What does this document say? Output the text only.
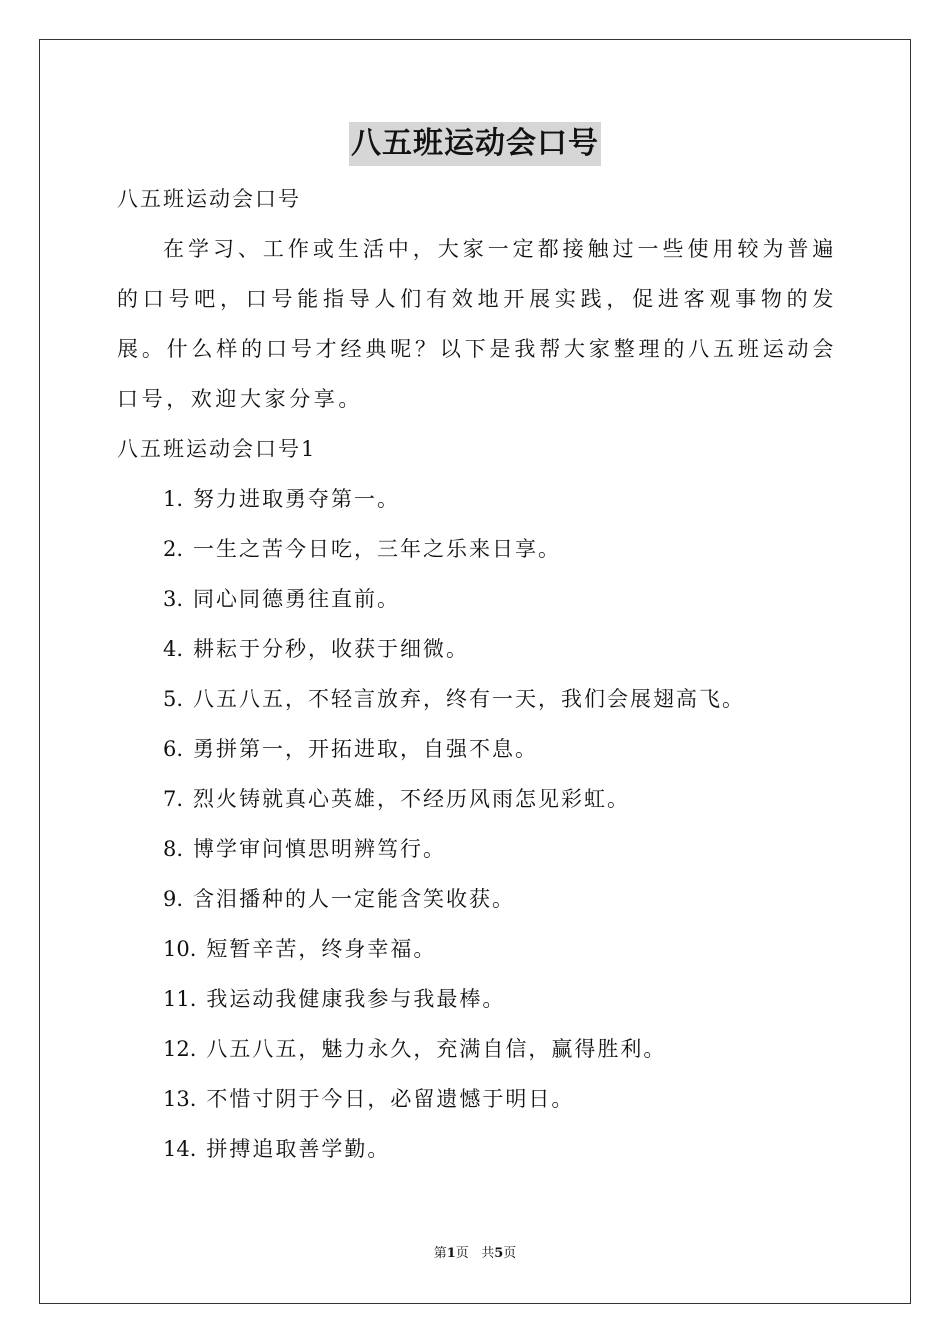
八五班运动会口号
八五班运动会口号
在学习、工作或生活中，大家一定都接触过一些使用较为普遍的口号吧，口号能指导人们有效地开展实践，促进客观事物的发展。什么样的口号才经典呢？以下是我帮大家整理的八五班运动会口号，欢迎大家分享。
八五班运动会口号1
1. 努力进取勇夺第一。
2. 一生之苦今日吃，三年之乐来日享。
3. 同心同德勇往直前。
4. 耕耘于分秒，收获于细微。
5. 八五八五，不轻言放弃，终有一天，我们会展翅高飞。
6. 勇拼第一，开拓进取，自强不息。
7. 烈火铸就真心英雄，不经历风雨怎见彩虹。
8. 博学审问慎思明辨笃行。
9. 含泪播种的人一定能含笑收获。
10. 短暂辛苦，终身幸福。
11. 我运动我健康我参与我最棒。
12. 八五八五，魅力永久，充满自信，赢得胜利。
13. 不惜寸阴于今日，必留遗憾于明日。
14. 拼搏追取善学勤。
第1页 共5页
